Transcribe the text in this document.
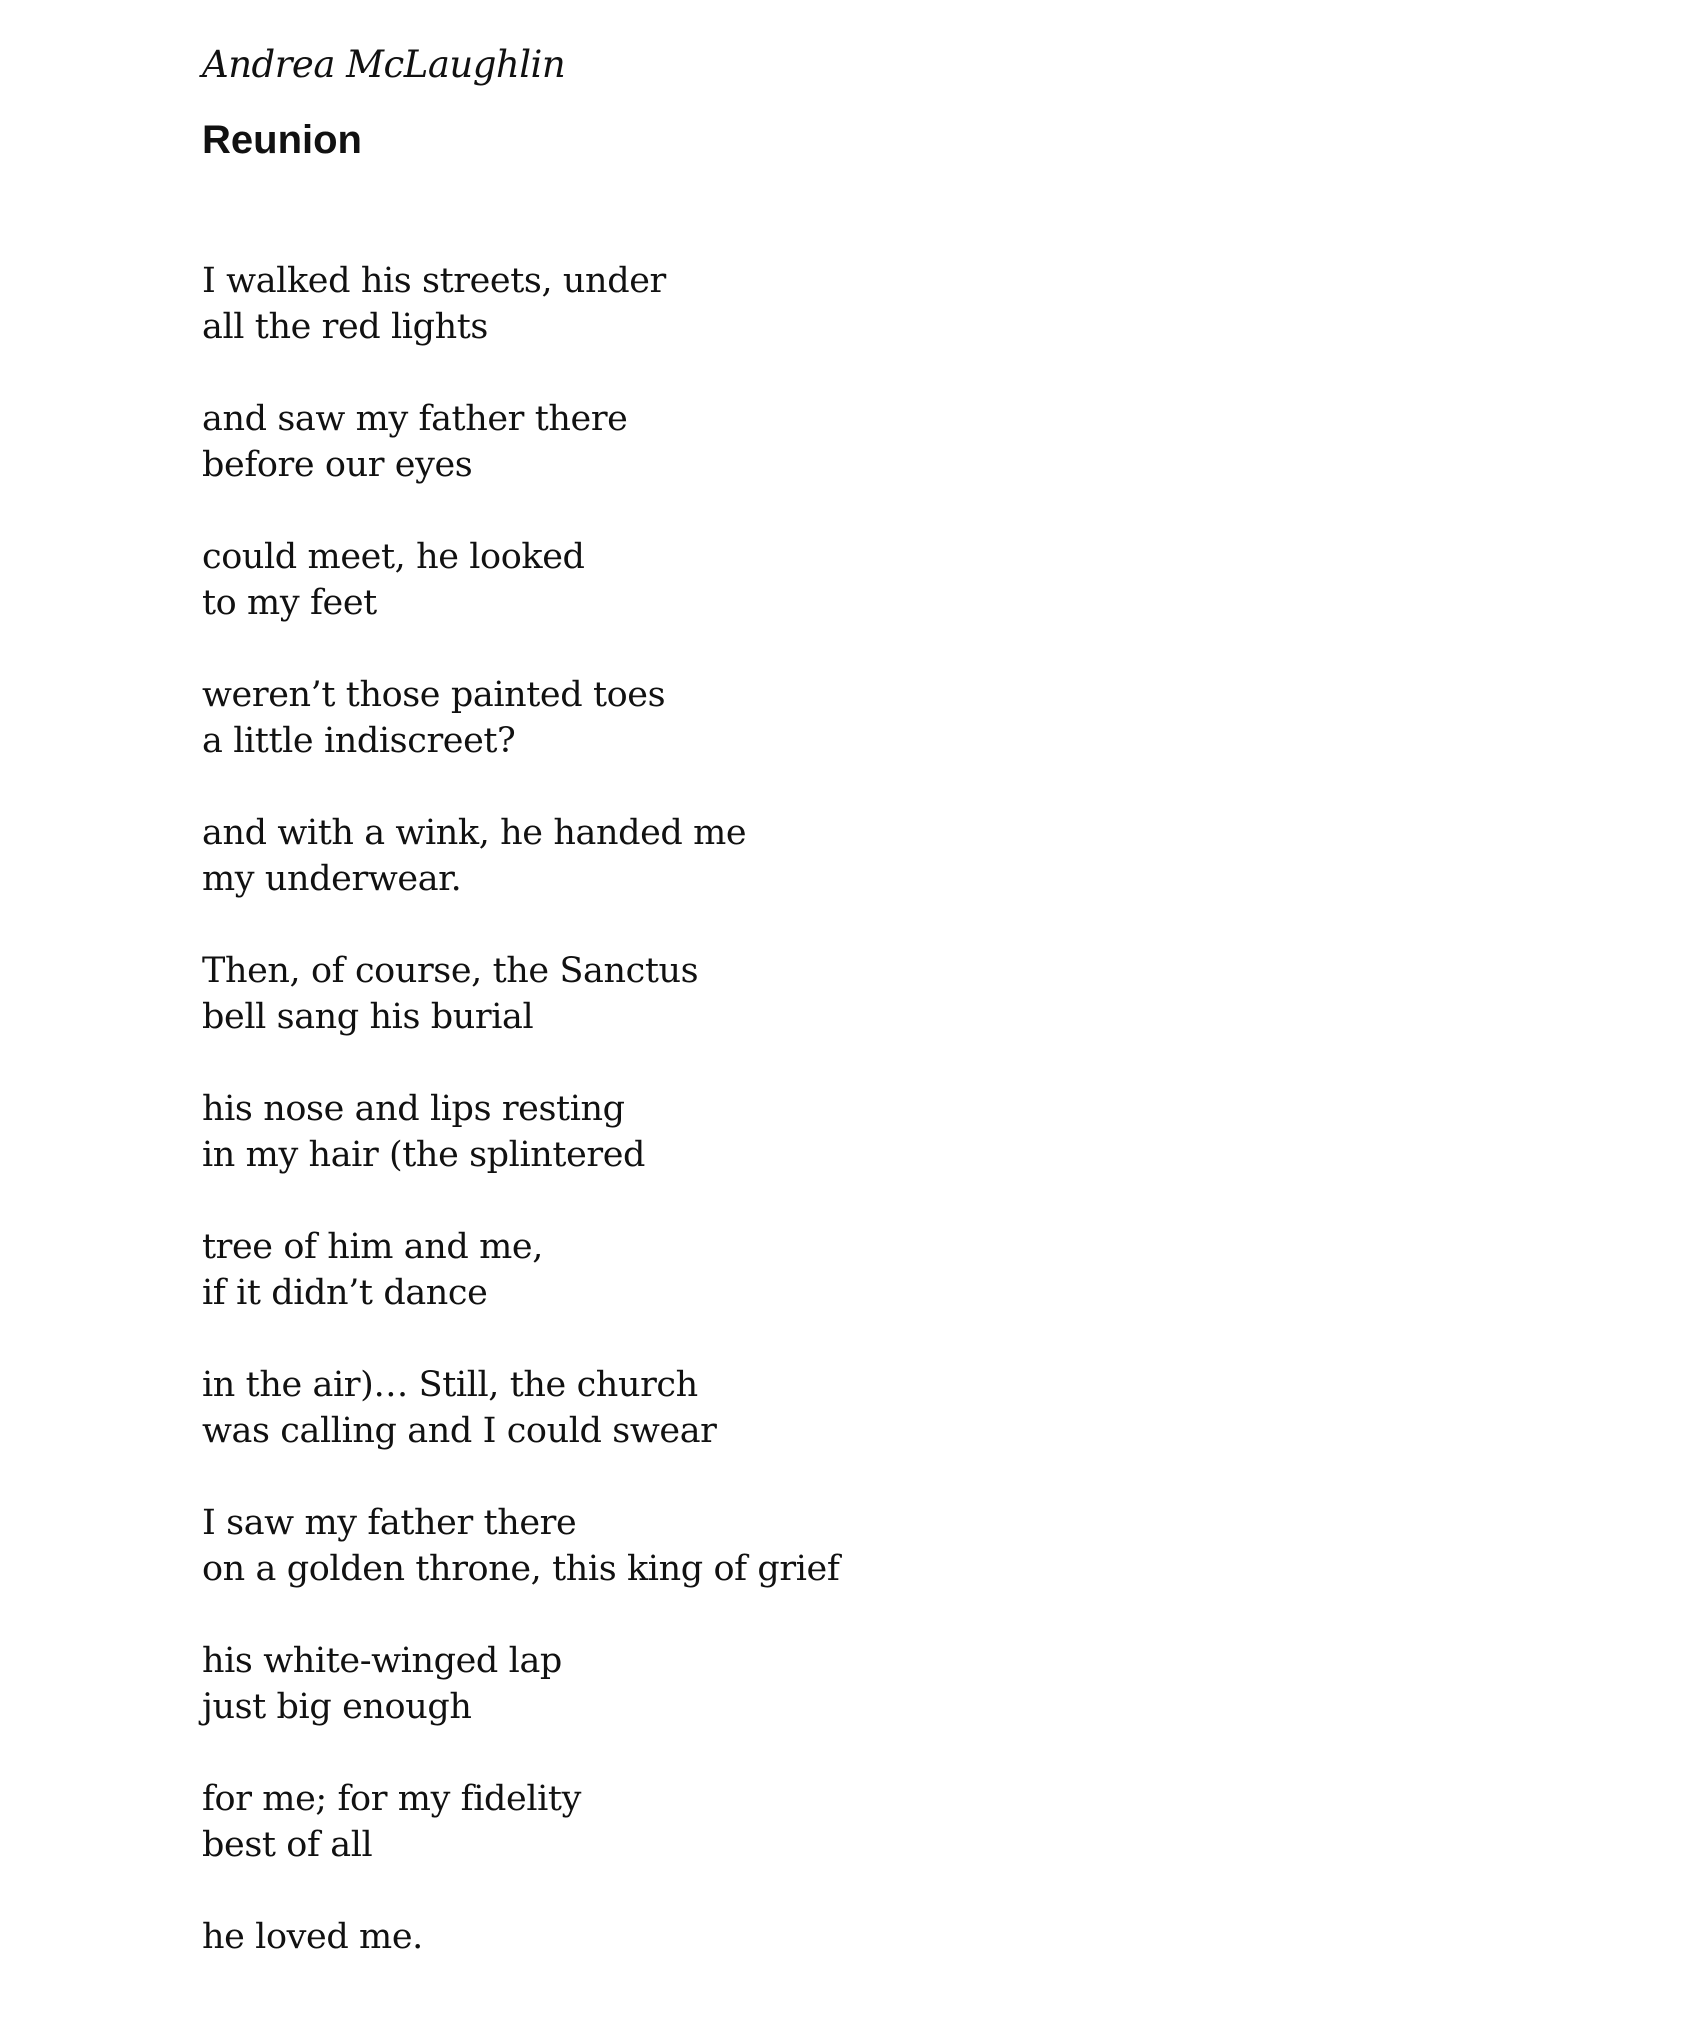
Andrea McLaughlin
Reunion
I walked his streets, under
all the red lights
and saw my father there
before our eyes
could meet, he looked
to my feet
weren’t those painted toes
a little indiscreet?
and with a wink, he handed me
my underwear.
Then, of course, the Sanctus
bell sang his burial
his nose and lips resting
in my hair (the splintered
tree of him and me,
if it didn’t dance
in the air)… Still, the church
was calling and I could swear
I saw my father there
on a golden throne, this king of grief
his white-winged lap
just big enough
for me; for my fidelity
best of all
he loved me.
